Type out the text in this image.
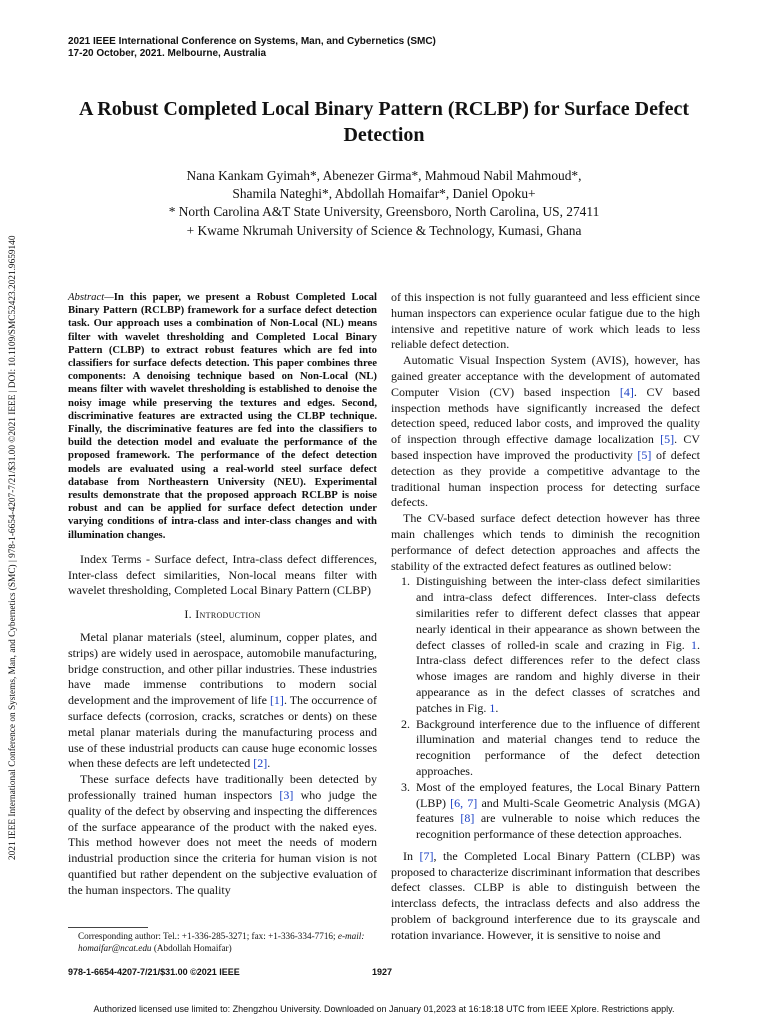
2021 IEEE International Conference on Systems, Man, and Cybernetics (SMC)
17-20 October, 2021. Melbourne, Australia
A Robust Completed Local Binary Pattern (RCLBP) for Surface Defect Detection
Nana Kankam Gyimah*, Abenezer Girma*, Mahmoud Nabil Mahmoud*,
Shamila Nateghi*, Abdollah Homaifar*, Daniel Opoku+
* North Carolina A&T State University, Greensboro, North Carolina, US, 27411
+ Kwame Nkrumah University of Science & Technology, Kumasi, Ghana
2021 IEEE International Conference on Systems, Man, and Cybernetics (SMC) | 978-1-6654-4207-7/21/$31.00 ©2021 IEEE | DOI: 10.1109/SMC52423.2021.9659140	Abstract—In this paper, we present a Robust Completed Local Binary Pattern (RCLBP) framework for a surface defect detection task. Our approach uses a combination of Non-Local (NL) means filter with wavelet thresholding and Completed Local Binary Pattern (CLBP) to extract robust features which are fed into classifiers for surface defects detection. This paper combines three components: A denoising technique based on Non-Local (NL) means filter with wavelet thresholding is established to denoise the noisy image while preserving the textures and edges. Second, discriminative features are extracted using the CLBP technique. Finally, the discriminative features are fed into the classifiers to build the detection model and evaluate the performance of the proposed framework. The performance of the defect detection models are evaluated using a real-world steel surface defect database from Northeastern University (NEU). Experimental results demonstrate that the proposed approach RCLBP is noise robust and can be applied for surface defect detection under varying conditions of intra-class and inter-class changes and with illumination changes.

Index Terms - Surface defect, Intra-class defect differences, Inter-class defect similarities, Non-local means filter with wavelet thresholding, Completed Local Binary Pattern (CLBP)

I. Introduction

Metal planar materials (steel, aluminum, copper plates, and strips) are widely used in aerospace, automobile manufacturing, bridge construction, and other pillar industries. These industries have made immense contributions to modern social development and the improvement of life [1]. The occurrence of surface defects (corrosion, cracks, scratches or dents) on these metal planar materials during the manufacturing process and use of these industrial products can cause huge economic losses when these defects are left undetected [2].

These surface defects have traditionally been detected by professionally trained human inspectors [3] who judge the quality of the defect by observing and inspecting the differences of the surface appearance of the product with the naked eyes. This method however does not meet the needs of modern industrial production since the criteria for human vision is not quantified but rather dependent on the subjective evaluation of the human inspectors. The quality

Corresponding author: Tel.: +1-336-285-3271; fax: +1-336-334-7716; e-mail: homaifar@ncat.edu (Abdollah Homaifar)

of this inspection is not fully guaranteed and less efficient since human inspectors can experience ocular fatigue due to the high intensive and repetitive nature of work which leads to less reliable defect detection.

Automatic Visual Inspection System (AVIS), however, has gained greater acceptance with the development of automated Computer Vision (CV) based inspection [4]. CV based inspection methods have significantly increased the defect detection speed, reduced labor costs, and improved the quality of inspection through effective damage localization [5]. CV based inspection have improved the productivity [5] of defect detection as they provide a competitive advantage to the traditional human inspection process for detecting surface defects.

The CV-based surface defect detection however has three main challenges which tends to diminish the recognition performance of defect detection approaches and affects the stability of the extracted defect features as outlined below:

1. Distinguishing between the inter-class defect similarities and intra-class defect differences. Inter-class defects similarities refer to different defect classes that appear nearly identical in their appearance as shown between the defect classes of rolled-in scale and crazing in Fig. 1. Intra-class defect differences refer to the defect class whose images are random and highly diverse in their appearance as in the defect classes of scratches and patches in Fig. 1.
2. Background interference due to the influence of different illumination and material changes tend to reduce the recognition performance of the defect detection approaches.
3. Most of the employed features, the Local Binary Pattern (LBP) [6, 7] and Multi-Scale Geometric Analysis (MGA) features [8] are vulnerable to noise which reduces the recognition performance of these detection approaches.

In [7], the Completed Local Binary Pattern (CLBP) was proposed to characterize discriminant information that describes defect classes. CLBP is able to distinguish between the interclass defects, the intraclass defects and also address the problem of background interference due to its grayscale and rotation invariance. However, it is sensitive to noise and

978-1-6654-4207-7/21/$31.00 ©2021 IEEE	1927
Authorized licensed use limited to: Zhengzhou University. Downloaded on January 01,2023 at 16:18:18 UTC from IEEE Xplore. Restrictions apply.
